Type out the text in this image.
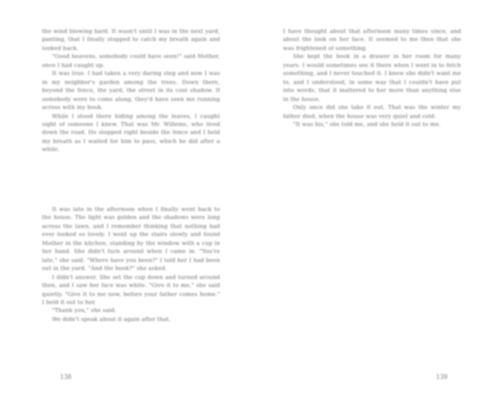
the wind blowing hard. It wasn't until I was in the next yard, panting, that I finally stopped to catch my breath again and looked back.

"Good heavens, somebody could have seen!" said Mother, once I had caught up.

It was true. I had taken a very daring step and now I was in my neighbor's garden among the trees. Down there, beyond the fence, the yard, the street in its cool shadow. If somebody were to come along, they'd have seen me running across with my book.

While I stood there hiding among the leaves, I caught sight of someone I knew. That was Mr. Willems, who lived down the road. He stopped right beside the fence and I held my breath as I waited for him to pass, which he did after a while.

It was late in the afternoon when I finally went back to the house. The light was golden and the shadows were long across the lawn, and I remember thinking that nothing had ever looked so lovely. I went up the stairs slowly and found Mother in the kitchen, standing by the window with a cup in her hand. She didn't turn around when I came in. "You're late," she said. "Where have you been?" I told her I had been out in the yard. "And the book?" she asked.

I didn't answer. She set the cup down and turned around then, and I saw her face was white. "Give it to me," she said quietly. "Give it to me now, before your father comes home." I held it out to her.

"Thank you," she said.

We didn't speak about it again after that.

138

I have thought about that afternoon many times since, and about the look on her face. It seemed to me then that she was frightened of something.

She kept the book in a drawer in her room for many years. I would sometimes see it there when I went in to fetch something, and I never touched it. I knew she didn't want me to, and I understood, in some way that I couldn't have put into words, that it mattered to her more than anything else in the house.

Only once did she take it out. That was the winter my father died, when the house was very quiet and cold.

"It was his," she told me, and she held it out to me.

139
